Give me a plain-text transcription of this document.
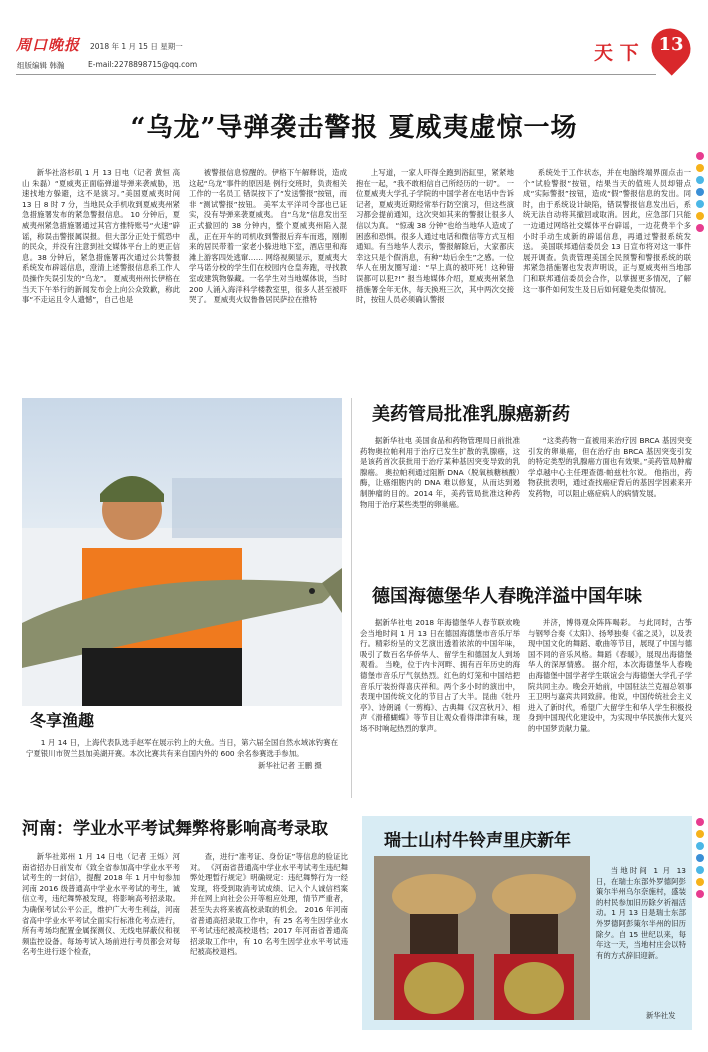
周口晚报 2018 年 1 月 15 日 星期一
组版编辑 韩瀚	E-mail:2278898715@qq.com
天 下	13
“乌龙”导弹袭击警报 夏威夷虚惊一场

新华社洛杉矶 1 月 13 日电（记者 黄恒 高山 朱磊）“夏威夷正面临弹道导弹来袭威胁，迅速找地方躲避，这不是演习。”美国夏威夷时间 13 日 8 时 7 分，当地民众手机收到夏威夷州紧急措施署发布的紧急警报信息。 10 分钟后，夏威夷州紧急措施署通过其官方推特账号“火速”辟谣，称误击警报属误报。但大部分正处于慌恐中的民众，并没有注意到社交媒体平台上的更正信息。38 分钟后，紧急措施署再次通过公共警报系统发布辟谣信息，澄清上述警报信息系工作人员操作失误引发的“乌龙”。 夏威夷州州长伊格在当天下午举行的新闻发布会上向公众致歉，称此事“不走运且令人遗憾”，自己也是

被警报信息惊醒的。伊格下午解释说，造成这起“乌龙”事件的原因是 例行交班时，负责相关工作的一名员工 错误按下了“发送警报”按钮，而非 “测试警报”按钮。 美军太平洋司令部也已证实，没有导弹来袭夏威夷。 自“乌龙”信息发出至正式撤回的 38 分钟内，整个夏威夷州陷入混乱，正在开车的司机收到警报后弃车而逃，刚刚来的居民带着一家老小躲进地下室，酒店里和海滩上游客四处逃窜…… 网络视频显示，夏威夷大学马诺分校的学生们在校园内仓皇奔跑，寻找教室或建筑物躲藏。一名学生对当地媒体说，当时 200 人涌入海洋科学楼教室里，很多人甚至被吓哭了。 夏威夷火奴鲁鲁居民萨拉在推特

上写道，一家人吓得全跑到浴缸里，紧紧地抱在一起，“我不敢相信自己所经历的一切”。 一位夏威夷大学孔子学院的中国学者在电话中告诉记者，夏威夷近期经常举行防空演习，但这些演习都会提前通知，这次突如其来的警报让很多人信以为真。 “惊魂 38 分钟”也给当地华人造成了困惑和恐惧。很多人通过电话和微信等方式互相通知。有当地华人表示，警报解除后，大家都庆幸这只是个假消息，有种“劫后余生”之感。一位华人在朋友圈写道：“早上真的被吓死！这种错误都可以犯?!” 报当地媒体介绍，夏威夷州紧急措施署全年无休，每天换班三次，其中两次交接时，按钮人员必须确认警报

系统处于工作状态，并在电脑终端界面点击一个“试验警报”按钮，结果当天的值班人员却错点成“实际警报”按钮，造成“假”警报信息的发出。同时，由于系统设计缺陷，错误警报信息发出后，系统无法自动将其撤回或取消。因此，应急部门只能一边通过网络社交媒体平台辟谣，一边花费半个多小时手动生成新的辟谣信息，再通过警报系统发送。 美国联邦通信委员会 13 日宣布将对这一事件展开调查。负责管理美国全民预警和警报系统的联邦紧急措施署也发表声明说，正与夏威夷州当地部门和联邦通信委员会合作，以掌握更多情况，了解这一事件如何发生及日后如何避免类似情况。

冬享渔趣

1 月 14 日，上海代表队选手赵军在展示钓上的大鱼。当日，第六届全国自然水域冰钓赛在宁夏银川市贺兰县加美湖开赛。本次比赛共有来自国内外的 600 余名参赛选手参加。

新华社记者 王鹏 摄
美药管局批准乳腺癌新药

据新华社电 美国食品和药物管理局日前批准药物奥拉帕利用于治疗已发生扩散的乳腺癌，这是该药首次获批用于治疗某种基因突变导致的乳腺癌。 奥拉帕利通过阻断 DNA（脱氧核糖核酸）酶，让癌细胞内的 DNA 难以修复，从而达到遏制肿瘤的目的。2014 年，美药管局批准这种药物用于治疗某些类型的卵巢癌。

“这类药物一直被用来治疗因 BRCA 基因突变引发的卵巢癌，但在治疗由 BRCA 基因突变引发的特定类型的乳腺癌方面也有效果。”美药管局肿瘤学卓越中心主任理查德·帕兹杜尔说。 他指出，药物获批表明，通过查找癌症背后的基因学因素来开发药物，可以阻止癌症病人的病情发展。

德国海德堡华人春晚洋溢中国年味

据新华社电 2018 年海德堡华人春节联欢晚会当地时间 1 月 13 日在德国海德堡市音乐厅举行。精彩纷呈的文艺演出透着浓浓的中国年味，吸引了数百名华侨华人、留学生和德国友人到场观看。 当晚，位于内卡河畔、拥有百年历史的海德堡市音乐厅气氛热烈。红色的灯笼和中国结把音乐厅装扮得喜庆祥和。两个多小时的演出中，表现中国传统文化的节目占了大半。昆曲《牡丹亭》、诗朗诵《一剪梅》、古典舞《汉宫秋月》、相声《滑稽蝴蝶》等节目让观众看得津津有味，现场不时响起热烈的掌声。

并济，博得观众阵阵喝彩。 与此同时，古筝与钢琴合奏《太阳》、扬琴独奏《雀之灵》，以及表现中国文化的舞蹈、歌曲等节目，展现了中国与德国不同的音乐风格。舞蹈《春暖》，展现出海德堡华人的深厚情感。 据介绍，本次海德堡华人春晚由海德堡中国学者学生联谊会与海德堡大学孔子学院共同主办。晚会开始前，中国驻法兰克福总领事王卫明与嘉宾共同致辞。他说，中国传统社会主义进入了新时代，希望广大留学生和华人学生积极投身到中国现代化建设中，为实现中华民族伟大复兴的中国梦贡献力量。

河南：学业水平考试舞弊将影响高考录取

新华社郑州 1 月 14 日电（记者 王烁）河南省招办日前发布《致全省参加高中学业水平考试考生的一封信》，提醒 2018 年 1 月中旬参加河南 2016 级普通高中学业水平考试的考生，诚信立考，违纪舞弊被发现，将影响高考招录取。 为确保考试公平公正，维护广大考生利益，河南省高中学业水平考试全面实行标准化考点进行，所有考场均配置金属探测仪、无线电屏蔽仪和视频监控设备。每场考试入场前进行考员都会对每名考生进行逐个检查，

查，进行“准考证、身份证”等信息的验证比对。 《河南省普通高中学业水平考试考生违纪舞弊处理暂行规定》明确规定：违纪舞弊行为一经发现，将受到取消考试成绩、记入个人诚信档案并在网上向社会公开等相应处理，情节严重者，甚至失去将来被高校录取的机会。 2016 年河南省普通高招录取工作中，有 25 名考生因学业水平考试违纪被高校退档；2017 年河南省普通高招录取工作中，有 10 名考生因学业水平考试违纪被高校退档。

瑞士山村牛铃声里庆新年

当地时间 1 月 13 日，在瑞士东部外罗德阿彭策尔半州乌尔奈施村，盛装的村民参加旧历除夕祈福活动。1 月 13 日是瑞士东部外罗德阿彭策尔半州的旧历除夕。自 15 世纪以来，每年这一天，当地村庄会以特有的方式辞旧迎新。

新华社发
